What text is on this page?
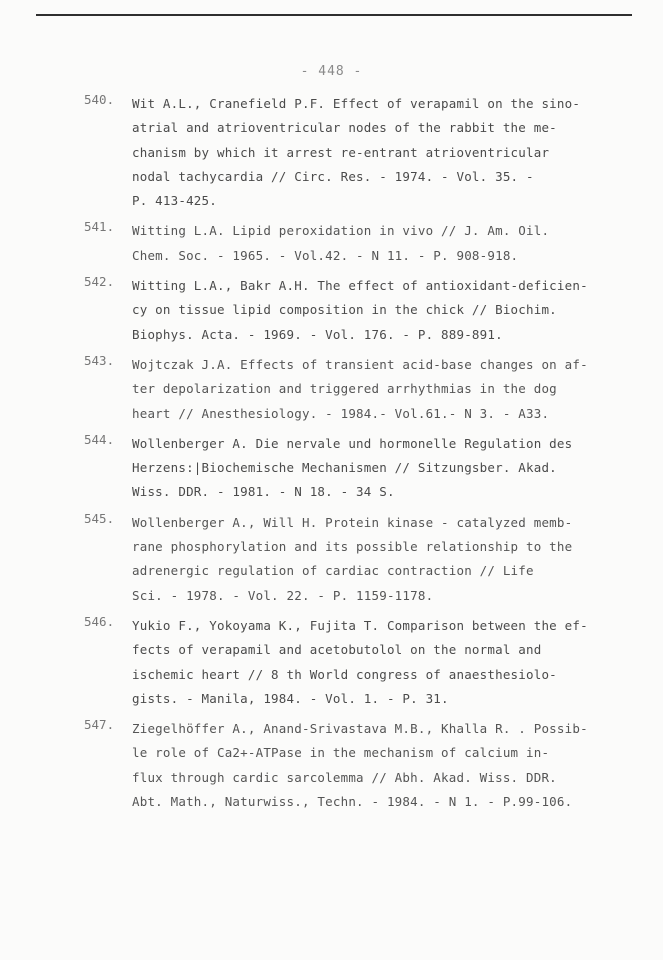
- 448 -
540. Wit A.L., Cranefield P.F. Effect of verapamil on the sino-
atrial and atrioventricular nodes of the rabbit the me-
chanism by which it arrest re-entrant atrioventricular
nodal tachycardia // Circ. Res. - 1974. - Vol. 35. -
P. 413-425.
541. Witting L.A. Lipid peroxidation in vivo // J. Am. Oil.
Chem. Soc. - 1965. - Vol.42. - N 11. - P. 908-918.
542. Witting L.A., Bakr A.H. The effect of antioxidant-deficien-
cy on tissue lipid composition in the chick // Biochim.
Biophys. Acta. - 1969. - Vol. 176. - P. 889-891.
543. Wojtczak J.A. Effects of transient acid-base changes on af-
ter depolarization and triggered arrhythmias in the dog
heart // Anesthesiology. - 1984.- Vol.61.- N 3. - A33.
544. Wollenberger A. Die nervale und hormonelle Regulation des
Herzens:|Biochemische Mechanismen // Sitzungsber. Akad.
Wiss. DDR. - 1981. - N 18. - 34 S.
545. Wollenberger A., Will H. Protein kinase - catalyzed memb-
rane phosphorylation and its possible relationship to the
adrenergic regulation of cardiac contraction // Life
Sci. - 1978. - Vol. 22. - P. 1159-1178.
546. Yukio F., Yokoyama K., Fujita T. Comparison between the ef-
fects of verapamil and acetobutolol on the normal and
ischemic heart // 8 th World congress of anaesthesiolo-
gists. - Manila, 1984. - Vol. 1. - P. 31.
547. Ziegelhöffer A., Anand-Srivastava M.B., Khalla R. . Possib-
le role of Ca2+-ATPase in the mechanism of calcium in-
flux through cardic sarcolemma // Abh. Akad. Wiss. DDR.
Abt. Math., Naturwiss., Techn. - 1984. - N 1. - P.99-106.
